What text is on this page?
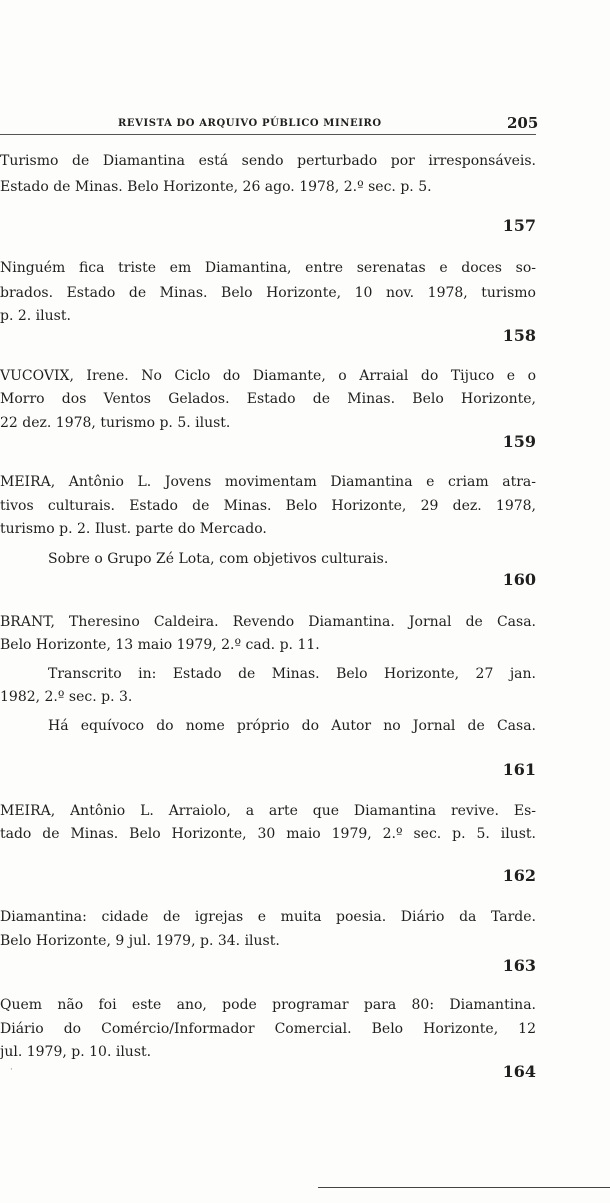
REVISTA DO ARQUIVO PÚBLICO MINEIRO	205
Turismo de Diamantina está sendo perturbado por irresponsáveis.
Estado de Minas. Belo Horizonte, 26 ago. 1978, 2.º sec. p. 5.
157
Ninguém fica triste em Diamantina, entre serenatas e doces so-
brados. Estado de Minas. Belo Horizonte, 10 nov. 1978, turismo
p. 2. ilust.
158
VUCOVIX, Irene. No Ciclo do Diamante, o Arraial do Tijuco e o
Morro dos Ventos Gelados. Estado de Minas. Belo Horizonte,
22 dez. 1978, turismo p. 5. ilust.
159
MEIRA, Antônio L. Jovens movimentam Diamantina e criam atra-
tivos culturais. Estado de Minas. Belo Horizonte, 29 dez. 1978,
turismo p. 2. Ilust. parte do Mercado.
Sobre o Grupo Zé Lota, com objetivos culturais.
160
BRANT, Theresino Caldeira. Revendo Diamantina. Jornal de Casa.
Belo Horizonte, 13 maio 1979, 2.º cad. p. 11.
Transcrito in: Estado de Minas. Belo Horizonte, 27 jan.
1982, 2.º sec. p. 3.
Há equívoco do nome próprio do Autor no Jornal de Casa.
161
MEIRA, Antônio L. Arraiolo, a arte que Diamantina revive. Es-
tado de Minas. Belo Horizonte, 30 maio 1979, 2.º sec. p. 5. ilust.
162
Diamantina: cidade de igrejas e muita poesia. Diário da Tarde.
Belo Horizonte, 9 jul. 1979, p. 34. ilust.
163
Quem não foi este ano, pode programar para 80: Diamantina.
Diário do Comércio/Informador Comercial. Belo Horizonte, 12
jul. 1979, p. 10. ilust.
164
·
